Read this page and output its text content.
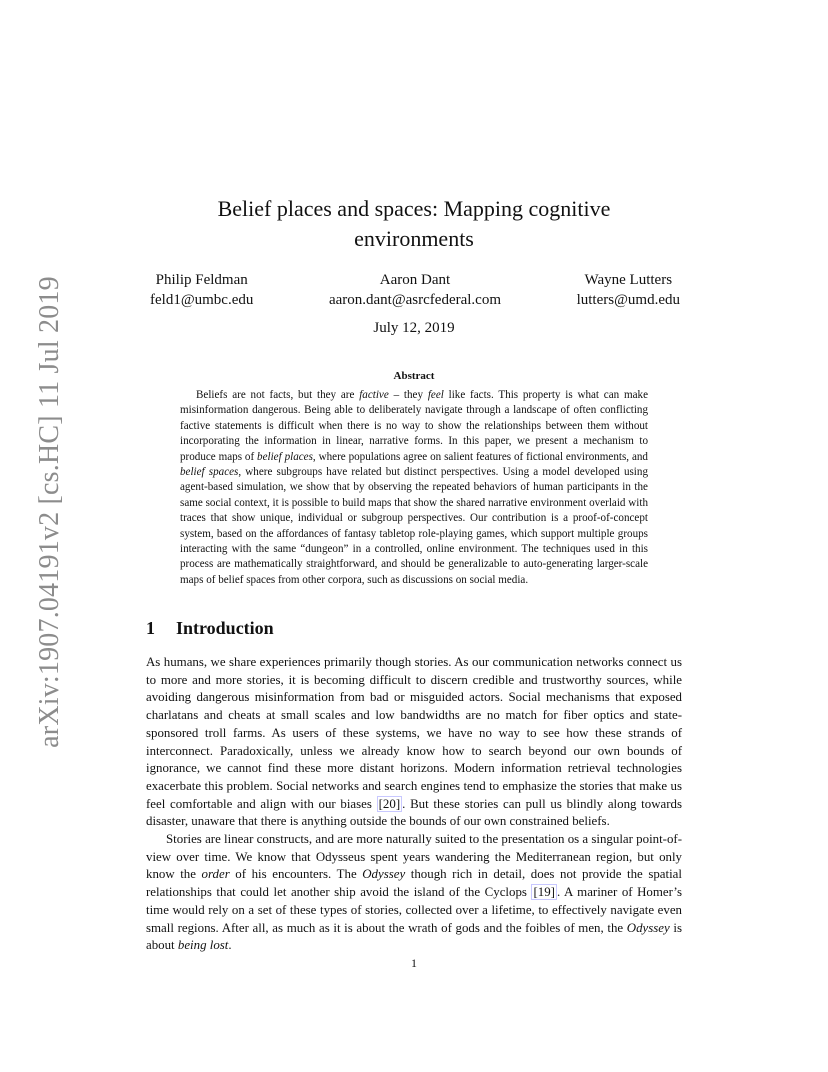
arXiv:1907.04191v2 [cs.HC] 11 Jul 2019
Belief places and spaces: Mapping cognitive
environments
Philip Feldman
feld1@umbc.edu
Aaron Dant
aaron.dant@asrcfederal.com
Wayne Lutters
lutters@umd.edu
July 12, 2019
Abstract

Beliefs are not facts, but they are factive – they feel like facts. This property is what can make misinformation dangerous. Being able to deliberately navigate through a landscape of often conflicting factive statements is difficult when there is no way to show the relationships between them without incorporating the information in linear, narrative forms. In this paper, we present a mechanism to produce maps of belief places, where populations agree on salient features of fictional environments, and belief spaces, where subgroups have related but distinct perspectives. Using a model developed using agent-based simulation, we show that by observing the repeated behaviors of human participants in the same social context, it is possible to build maps that show the shared narrative environment overlaid with traces that show unique, individual or subgroup perspectives. Our contribution is a proof-of-concept system, based on the affordances of fantasy tabletop role-playing games, which support multiple groups interacting with the same “dungeon” in a controlled, online environment. The techniques used in this process are mathematically straightforward, and should be generalizable to auto-generating larger-scale maps of belief spaces from other corpora, such as discussions on social media.

1 Introduction

As humans, we share experiences primarily though stories. As our communication networks connect us to more and more stories, it is becoming difficult to discern credible and trustworthy sources, while avoiding dangerous misinformation from bad or misguided actors. Social mechanisms that exposed charlatans and cheats at small scales and low bandwidths are no match for fiber optics and state-sponsored troll farms. As users of these systems, we have no way to see how these strands of interconnect. Paradoxically, unless we already know how to search beyond our own bounds of ignorance, we cannot find these more distant horizons. Modern information retrieval technologies exacerbate this problem. Social networks and search engines tend to emphasize the stories that make us feel comfortable and align with our biases [20] . But these stories can pull us blindly along towards disaster, unaware that there is anything outside the bounds of our own constrained beliefs.

Stories are linear constructs, and are more naturally suited to the presentation os a singular point-of-view over time. We know that Odysseus spent years wandering the Mediterranean region, but only know the order of his encounters. The Odyssey though rich in detail, does not provide the spatial relationships that could let another ship avoid the island of the Cyclops [19] . A mariner of Homer’s time would rely on a set of these types of stories, collected over a lifetime, to effectively navigate even small regions. After all, as much as it is about the wrath of gods and the foibles of men, the Odyssey is about being lost.

1
